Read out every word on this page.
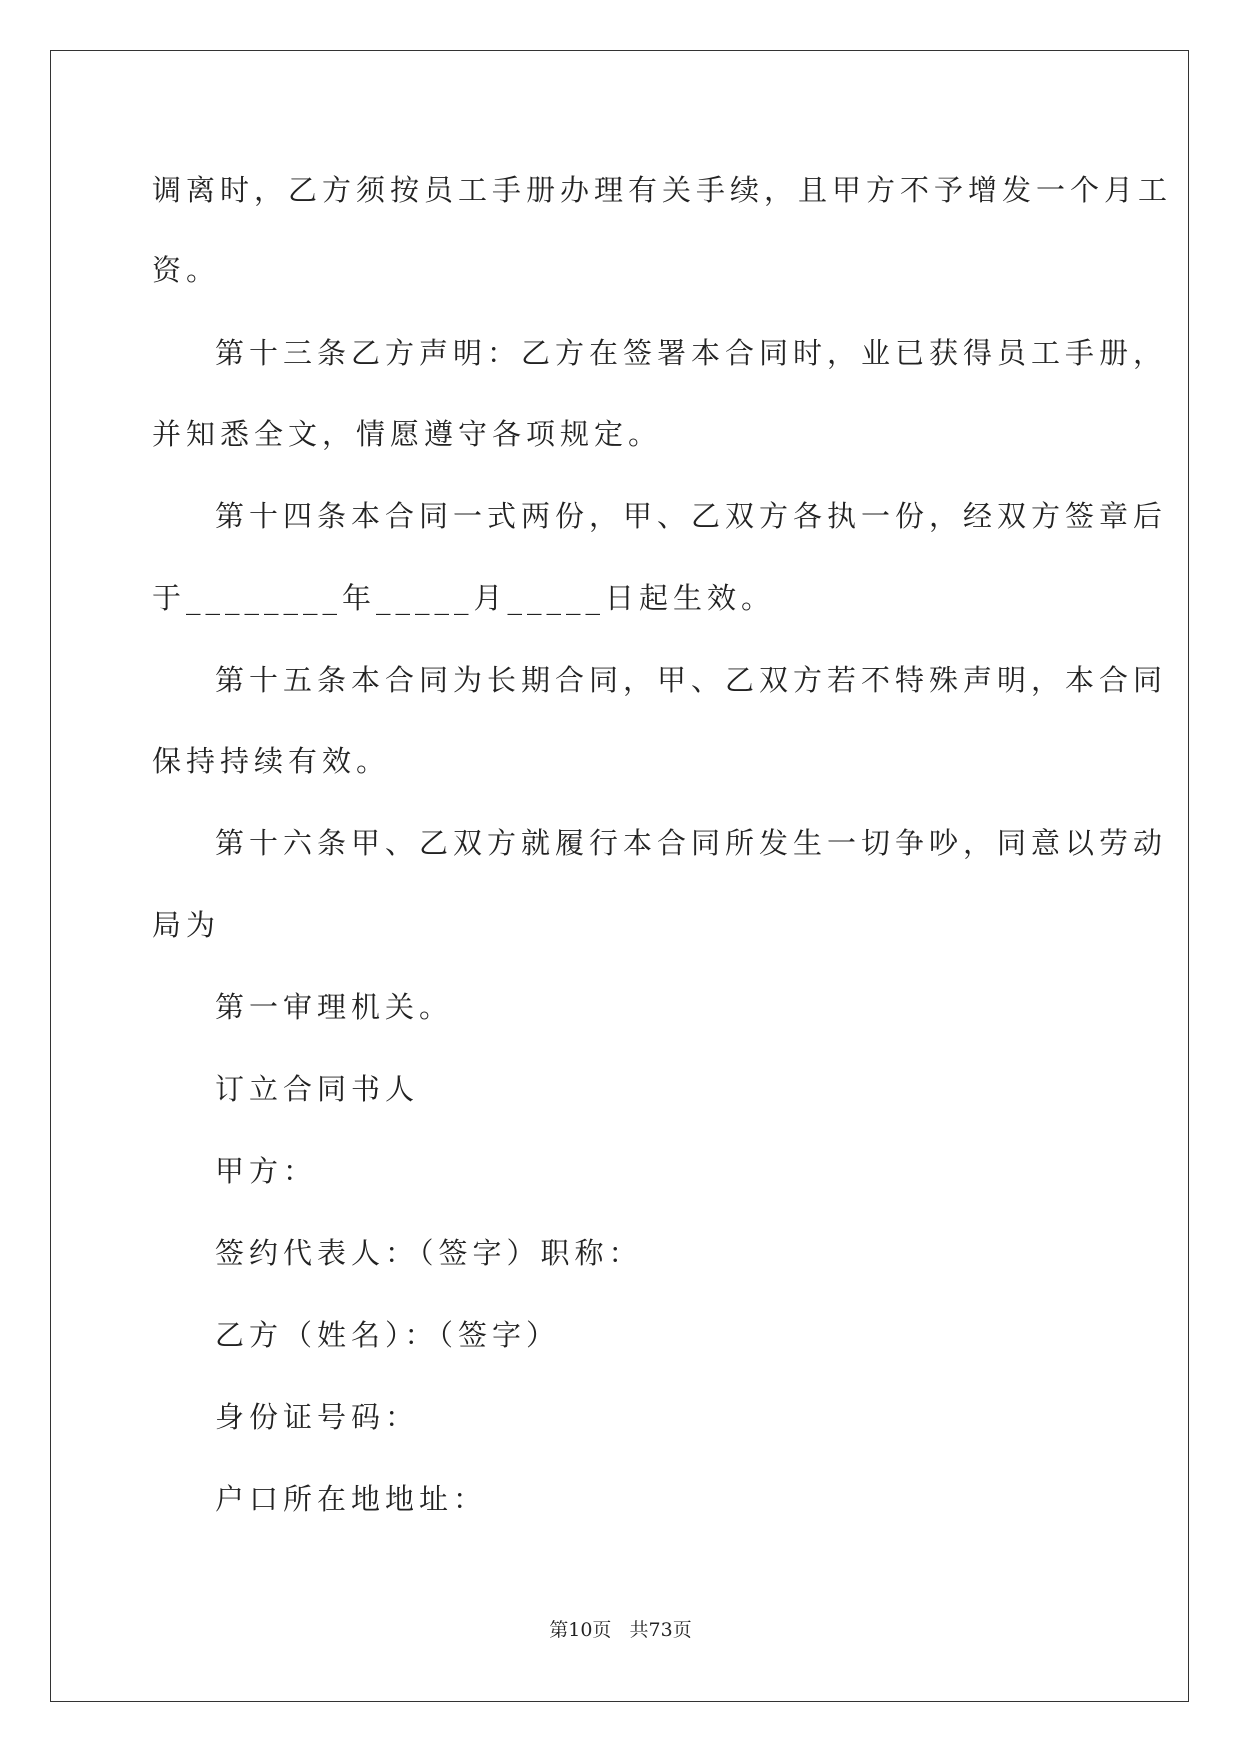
调离时，乙方须按员工手册办理有关手续，且甲方不予增发一个月工
资。
第十三条乙方声明：乙方在签署本合同时，业已获得员工手册，
并知悉全文，情愿遵守各项规定。
第十四条本合同一式两份，甲、乙双方各执一份，经双方签章后
于________年_____月_____日起生效。
第十五条本合同为长期合同，甲、乙双方若不特殊声明，本合同
保持持续有效。
第十六条甲、乙双方就履行本合同所发生一切争吵，同意以劳动
局为
第一审理机关。
订立合同书人
甲方：
签约代表人：（签字）职称：
乙方（姓名）：（签字）
身份证号码：
户口所在地地址：
第10页   共73页
